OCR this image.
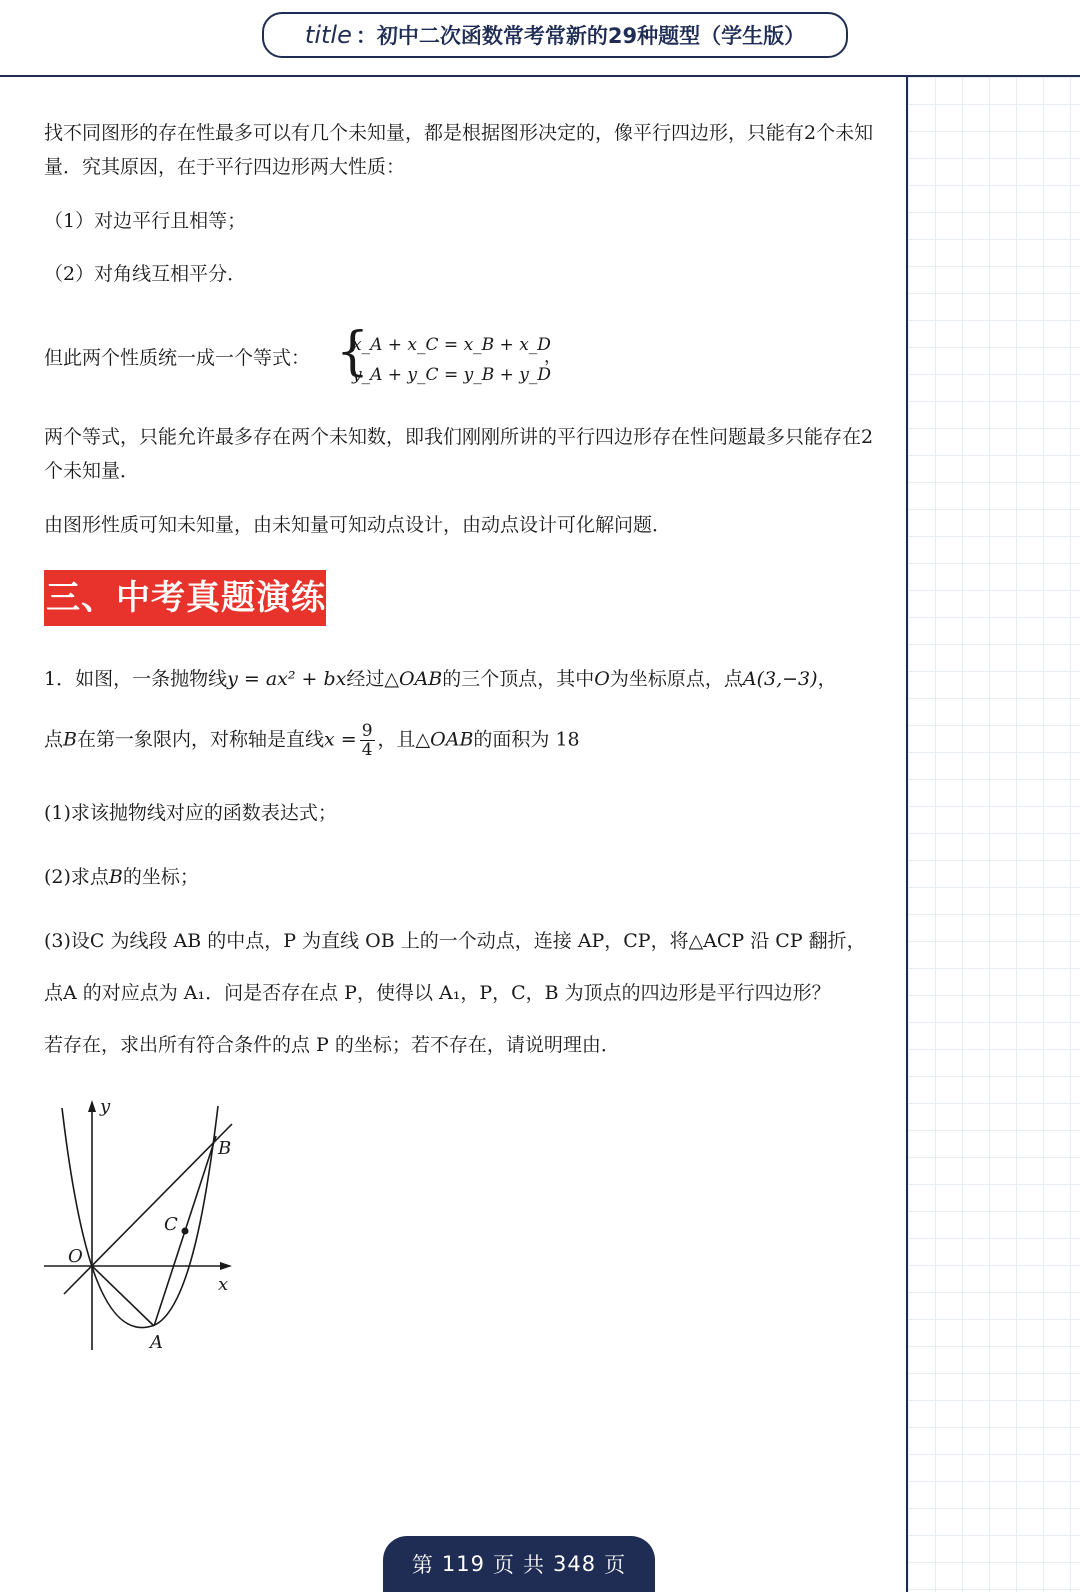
title ：初中二次函数常考常新的29种题型（学生版）
找不同图形的存在性最多可以有几个未知量，都是根据图形决定的，像平行四边形，只能有2个未知量．究其原因，在于平行四边形两大性质：
（1）对边平行且相等；
（2）对角线互相平分．
但此两个性质统一成一个等式： {
x_A + x_C = x_B + x_D
y_A + y_C = y_B + y_D
，
两个等式，只能允许最多存在两个未知数，即我们刚刚所讲的平行四边形存在性问题最多只能存在2个未知量．
由图形性质可知未知量，由未知量可知动点设计，由动点设计可化解问题．
三、中考真题演练
1．如图，一条抛物线y = ax² + bx经过△OAB的三个顶点，其中O为坐标原点，点A(3,−3)，
点B在第一象限内，对称轴是直线$x = \frac{9}{4}$ ，且△OAB的面积为 18
(1)求该抛物线对应的函数表达式；
(2)求点B的坐标；
(3)设C 为线段 AB 的中点，P 为直线 OB 上的一个动点，连接 AP，CP，将△ACP 沿 CP 翻折，
点A 的对应点为 A₁．问是否存在点 P，使得以 A₁，P，C，B 为顶点的四边形是平行四边形？
若存在，求出所有符合条件的点 P 的坐标；若不存在，请说明理由．
y
x
O
A
B
C
第 119 页 共 348 页
